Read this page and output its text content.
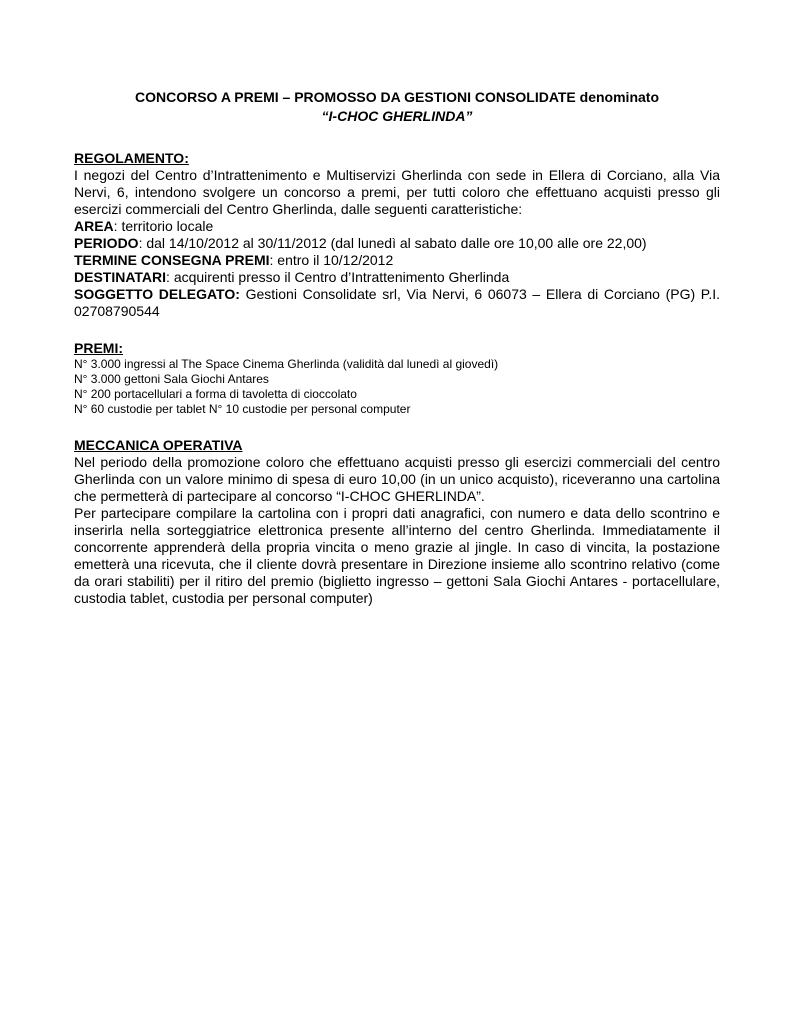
CONCORSO A PREMI – PROMOSSO DA GESTIONI CONSOLIDATE denominato
“I-CHOC GHERLINDA”
REGOLAMENTO:
I negozi del Centro d’Intrattenimento e Multiservizi Gherlinda con sede in Ellera di Corciano, alla Via Nervi, 6, intendono svolgere un concorso a premi, per tutti coloro che effettuano acquisti presso gli esercizi commerciali del Centro Gherlinda, dalle seguenti caratteristiche:
AREA: territorio locale
PERIODO: dal 14/10/2012 al 30/11/2012 (dal lunedì al sabato dalle ore 10,00 alle ore 22,00)
TERMINE CONSEGNA PREMI: entro il 10/12/2012
DESTINATARI: acquirenti presso il Centro d’Intrattenimento Gherlinda
SOGGETTO DELEGATO: Gestioni Consolidate srl, Via Nervi, 6 06073 – Ellera di Corciano (PG) P.I. 02708790544
PREMI:
N° 3.000 ingressi al The Space Cinema Gherlinda (validità dal lunedì al giovedì)
N° 3.000 gettoni Sala Giochi Antares
N° 200 portacellulari a forma di tavoletta di cioccolato
N° 60 custodie per tablet N° 10 custodie per personal computer
MECCANICA OPERATIVA
Nel periodo della promozione coloro che effettuano acquisti presso gli esercizi commerciali del centro Gherlinda con un valore minimo di spesa di euro 10,00 (in un unico acquisto), riceveranno una cartolina che permetterà di partecipare al concorso “I-CHOC GHERLINDA”.
Per partecipare compilare la cartolina con i propri dati anagrafici, con numero e data dello scontrino e inserirla nella sorteggiatrice elettronica presente all’interno del centro Gherlinda. Immediatamente il concorrente apprenderà della propria vincita o meno grazie al jingle. In caso di vincita, la postazione emetterà una ricevuta, che il cliente dovrà presentare in Direzione insieme allo scontrino relativo (come da orari stabiliti) per il ritiro del premio (biglietto ingresso – gettoni Sala Giochi Antares - portacellulare, custodia tablet, custodia per personal computer)
